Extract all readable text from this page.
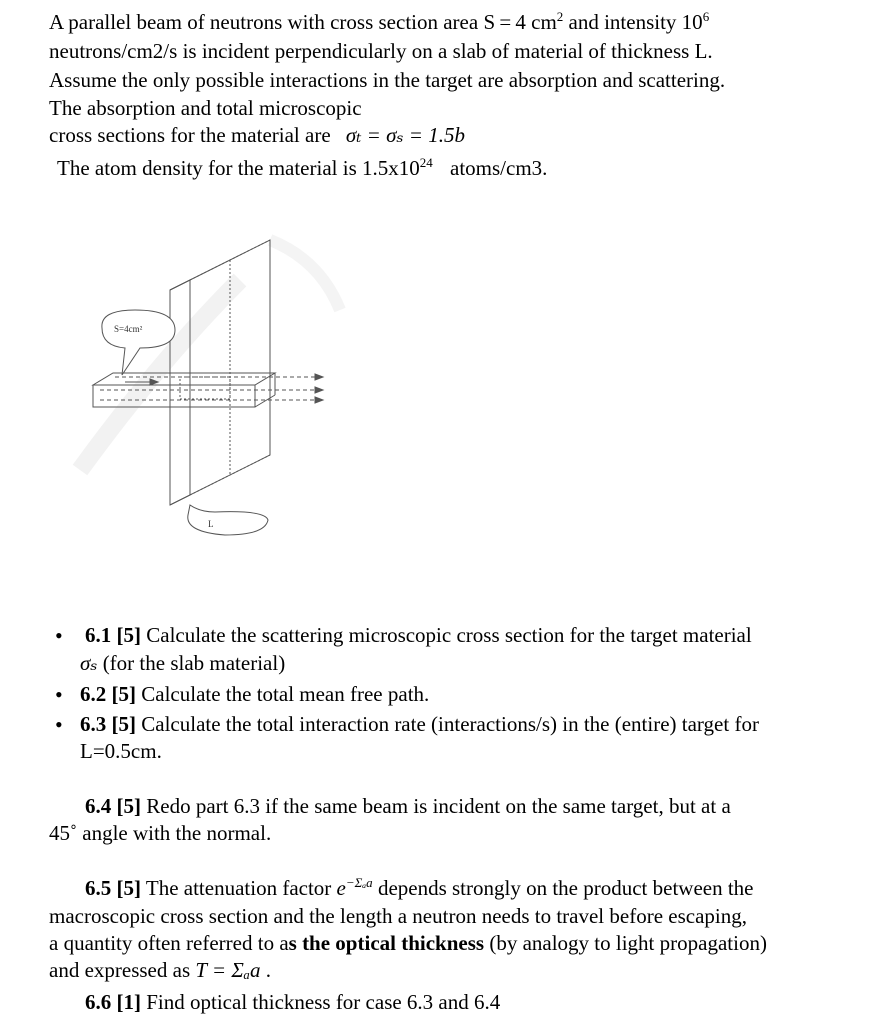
A parallel beam of neutrons with cross section area S = 4 $cm^2$ and intensity $10^6$
neutrons/cm2/s is incident perpendicularly on a slab of material of thickness L.
Assume the only possible interactions in the target are absorption and scattering.
The absorption and total microscopic
cross sections for the material are σₜ = σₛ = 1.5b
The atom density for the material is $1.5x10^{24}$ atoms/cm3.
S=4cm²
L
• 6.1 [5] Calculate the scattering microscopic cross section for the target material
σₛ (for the slab material)
• 6.2 [5] Calculate the total mean free path.
• 6.3 [5] Calculate the total interaction rate (interactions/s) in the (entire) target for
L=0.5cm.
6.4 [5] Redo part 6.3 if the same beam is incident on the same target, but at a
45˚ angle with the normal.
6.5 [5] The attenuation factor $e^{-\Sigma_aa}$ depends strongly on the product between the
macroscopic cross section and the length a neutron needs to travel before escaping,
a quantity often referred to as the optical thickness (by analogy to light propagation)
and expressed as T = Σₐa .
6.6 [1] Find optical thickness for case 6.3 and 6.4
